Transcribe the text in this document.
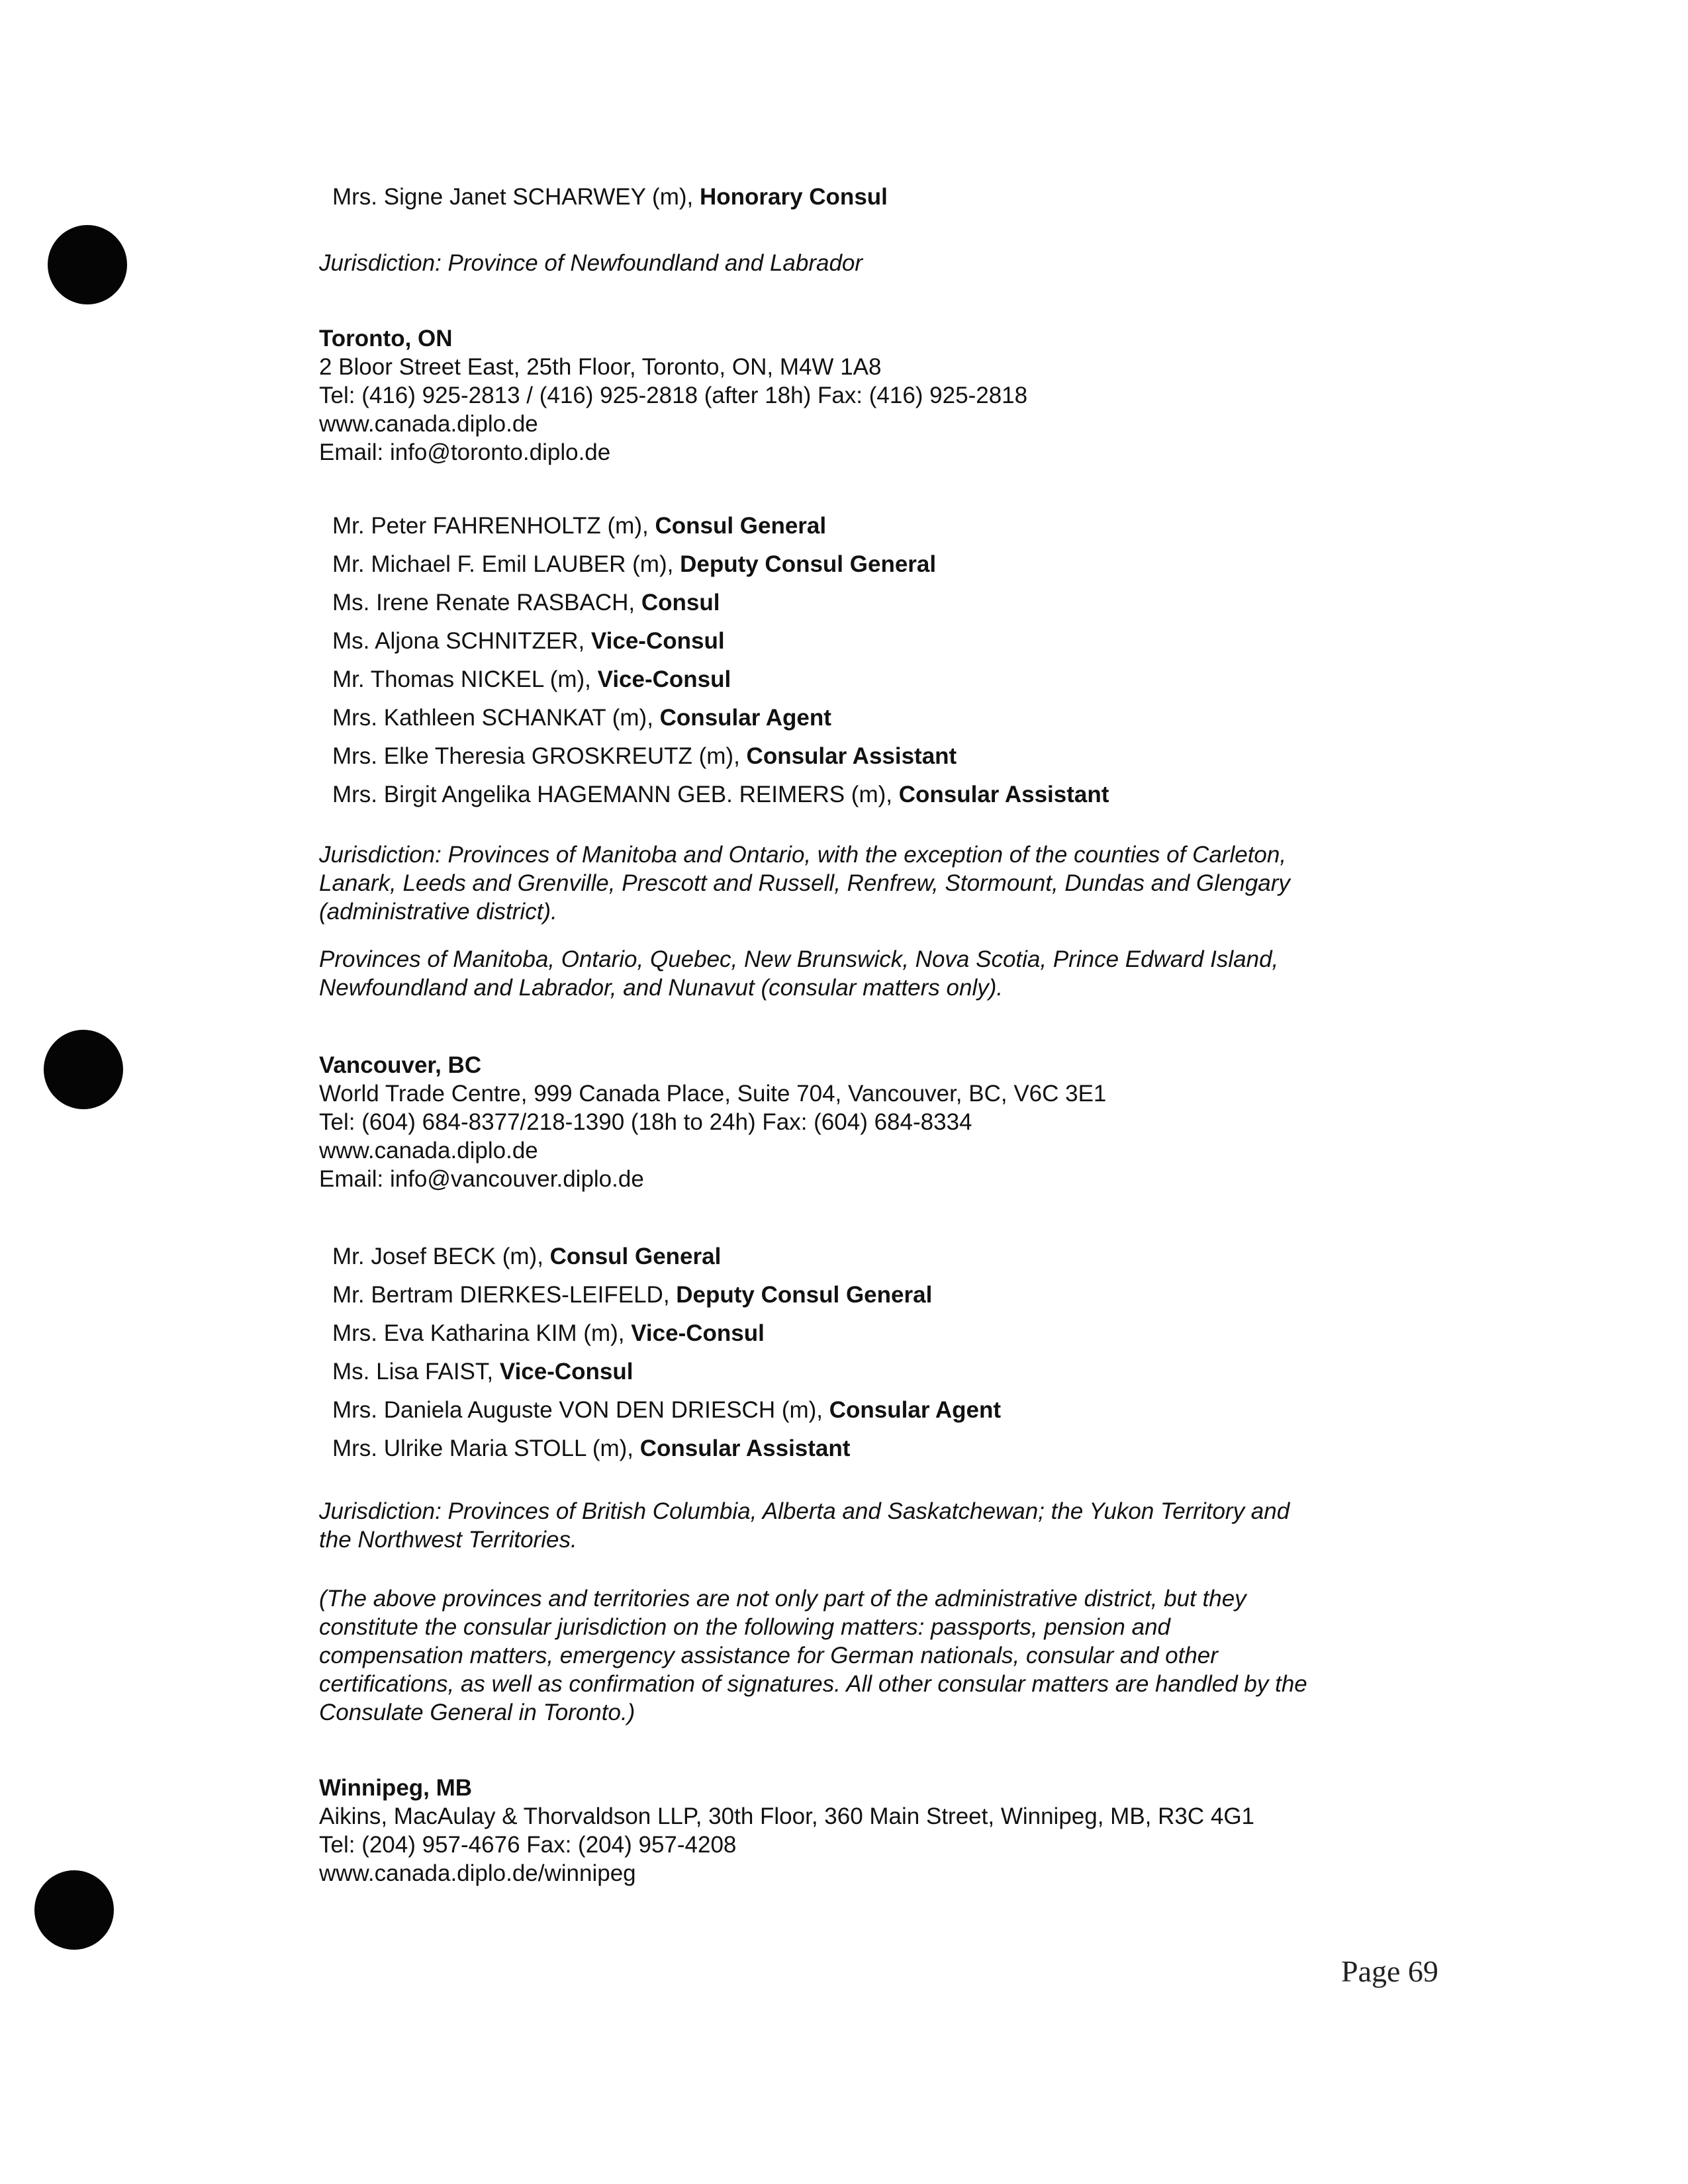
Mrs. Signe Janet SCHARWEY (m), Honorary Consul
Jurisdiction: Province of Newfoundland and Labrador
Toronto, ON
2 Bloor Street East, 25th Floor, Toronto, ON, M4W 1A8
Tel: (416) 925-2813 / (416) 925-2818 (after 18h) Fax: (416) 925-2818
www.canada.diplo.de
Email: info@toronto.diplo.de
Mr. Peter FAHRENHOLTZ (m), Consul General
Mr. Michael F. Emil LAUBER (m), Deputy Consul General
Ms. Irene Renate RASBACH, Consul
Ms. Aljona SCHNITZER, Vice-Consul
Mr. Thomas NICKEL (m), Vice-Consul
Mrs. Kathleen SCHANKAT (m), Consular Agent
Mrs. Elke Theresia GROSKREUTZ (m), Consular Assistant
Mrs. Birgit Angelika HAGEMANN GEB. REIMERS (m), Consular Assistant
Jurisdiction: Provinces of Manitoba and Ontario, with the exception of the counties of Carleton,
Lanark, Leeds and Grenville, Prescott and Russell, Renfrew, Stormount, Dundas and Glengary
(administrative district).
Provinces of Manitoba, Ontario, Quebec, New Brunswick, Nova Scotia, Prince Edward Island,
Newfoundland and Labrador, and Nunavut (consular matters only).
Vancouver, BC
World Trade Centre, 999 Canada Place, Suite 704, Vancouver, BC, V6C 3E1
Tel: (604) 684-8377/218-1390 (18h to 24h) Fax: (604) 684-8334
www.canada.diplo.de
Email: info@vancouver.diplo.de
Mr. Josef BECK (m), Consul General
Mr. Bertram DIERKES-LEIFELD, Deputy Consul General
Mrs. Eva Katharina KIM (m), Vice-Consul
Ms. Lisa FAIST, Vice-Consul
Mrs. Daniela Auguste VON DEN DRIESCH (m), Consular Agent
Mrs. Ulrike Maria STOLL (m), Consular Assistant
Jurisdiction: Provinces of British Columbia, Alberta and Saskatchewan; the Yukon Territory and
the Northwest Territories.
(The above provinces and territories are not only part of the administrative district, but they
constitute the consular jurisdiction on the following matters: passports, pension and
compensation matters, emergency assistance for German nationals, consular and other
certifications, as well as confirmation of signatures. All other consular matters are handled by the
Consulate General in Toronto.)
Winnipeg, MB
Aikins, MacAulay & Thorvaldson LLP, 30th Floor, 360 Main Street, Winnipeg, MB, R3C 4G1
Tel: (204) 957-4676 Fax: (204) 957-4208
www.canada.diplo.de/winnipeg
Page 69
